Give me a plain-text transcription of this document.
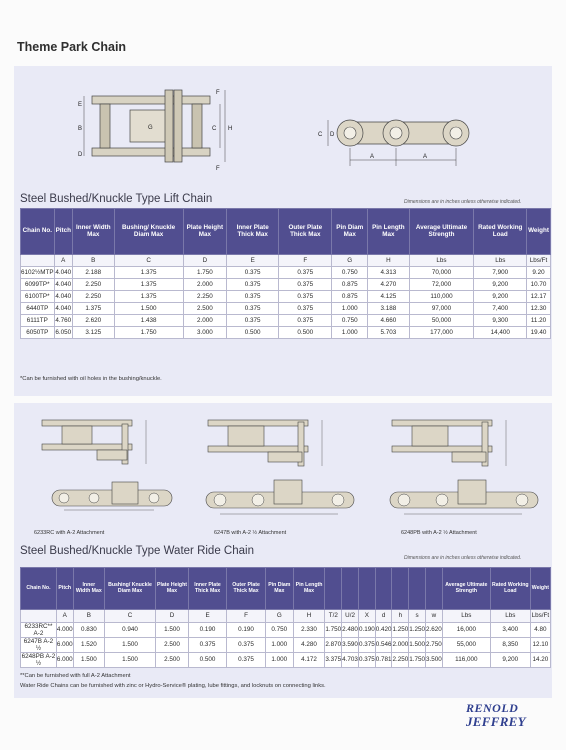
Theme Park Chain
E
B
D
G
F
C H
F
C D
A	A
Steel Bushed/Knuckle Type Lift Chain	Dimensions are in inches unless otherwise indicated.
Chain No.	Pitch	Inner Width Max	Bushing/ Knuckle Diam Max	Plate Height Max	Inner Plate Thick Max	Outer Plate Thick Max	Pin Diam Max	Pin Length Max	Average Ultimate Strength	Rated Working Load	Weight
	A	B	C	D	E	F	G	H	Lbs	Lbs	Lbs/Ft
6102½MTP	4.040	2.188	1.375	1.750	0.375	0.375	0.750	4.313	70,000	7,900	9.20
6099TP*	4.040	2.250	1.375	2.000	0.375	0.375	0.875	4.270	72,000	9,200	10.70
6100TP*	4.040	2.250	1.375	2.250	0.375	0.375	0.875	4.125	110,000	9,200	12.17
6440TP	4.040	1.375	1.500	2.500	0.375	0.375	1.000	3.188	97,000	7,400	12.30
6111TP	4.760	2.620	1.438	2.000	0.375	0.375	0.750	4.660	50,000	9,300	11.20
6050TP	6.050	3.125	1.750	3.000	0.500	0.500	1.000	5.703	177,000	14,400	19.40
*Can be furnished with oil holes in the bushing/knuckle.
6233RC with A-2 Attachment	6247B with A-2 ½ Attachment	6248PB with A-2 ½ Attachment
Steel Bushed/Knuckle Type Water Ride Chain
Dimensions are in inches unless otherwise indicated.
Chain No.	Pitch	Inner Width Max	Bushing/ Knuckle Diam Max	Plate Height Max	Inner Plate Thick Max	Outer Plate Thick Max	Pin Diam Max	Pin Length Max								Average Ultimate Strength	Rated Working Load	Weight
	A	B	C	D	E	F	G	H	T/2	U/2	X	d	h	s	w	Lbs	Lbs	Lbs/Ft
6233RC** A-2	4.000	0.830	0.940	1.500	0.190	0.190	0.750	2.330	1.750	2.480	0.190	0.420	1.250	1.250	2.620	16,000	3,400	4.80
6247B A-2 ½	6.000	1.520	1.500	2.500	0.375	0.375	1.000	4.280	2.870	3.590	0.375	0.546	2.000	1.500	2.750	55,000	8,350	12.10
6248PB A-2 ½	6.000	1.500	1.500	2.500	0.500	0.375	1.000	4.172	3.375	4.703	0.375	0.781	2.250	1.750	3.500	116,000	9,200	14.20
**Can be furnished with full A-2 Attachment
Water Ride Chains can be furnished with zinc or Hydro-Service® plating, lube fittings, and locknuts on connecting links.
RENOLD
JEFFREY
